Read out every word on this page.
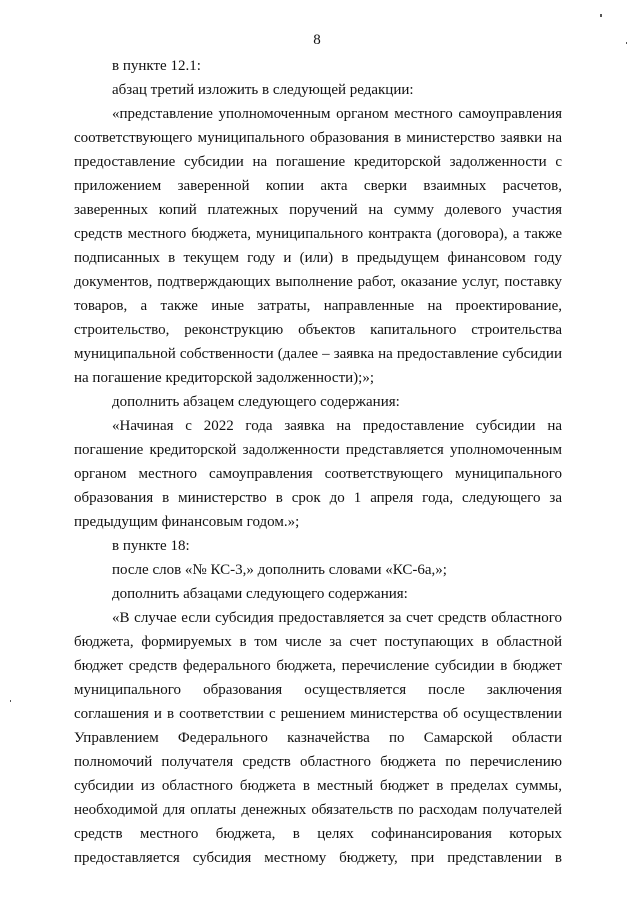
8
в пункте 12.1:
абзац третий изложить в следующей редакции:
«представление уполномоченным органом местного самоуправления
соответствующего муниципального образования в министерство заявки на
предоставление субсидии на погашение кредиторской задолженности с
приложением заверенной копии акта сверки взаимных расчетов,
заверенных копий платежных поручений на сумму долевого участия
средств местного бюджета, муниципального контракта (договора), а также
подписанных в текущем году и (или) в предыдущем финансовом году
документов, подтверждающих выполнение работ, оказание услуг, поставку
товаров, а также иные затраты, направленные на проектирование,
строительство, реконструкцию объектов капитального строительства
муниципальной собственности (далее – заявка на предоставление субсидии
на погашение кредиторской задолженности);»;
дополнить абзацем следующего содержания:
«Начиная с 2022 года заявка на предоставление субсидии на
погашение кредиторской задолженности представляется уполномоченным
органом местного самоуправления соответствующего муниципального
образования в министерство в срок до 1 апреля года, следующего за
предыдущим финансовым годом.»;
в пункте 18:
после слов «№ КС-3,» дополнить словами «КС-6а,»;
дополнить абзацами следующего содержания:
«В случае если субсидия предоставляется за счет средств областного
бюджета, формируемых в том числе за счет поступающих в областной
бюджет средств федерального бюджета, перечисление субсидии в бюджет
муниципального образования осуществляется после заключения
соглашения и в соответствии с решением министерства об осуществлении
Управлением Федерального казначейства по Самарской области
полномочий получателя средств областного бюджета по перечислению
субсидии из областного бюджета в местный бюджет в пределах суммы,
необходимой для оплаты денежных обязательств по расходам получателей
средств местного бюджета, в целях софинансирования которых
предоставляется субсидия местному бюджету, при представлении в
